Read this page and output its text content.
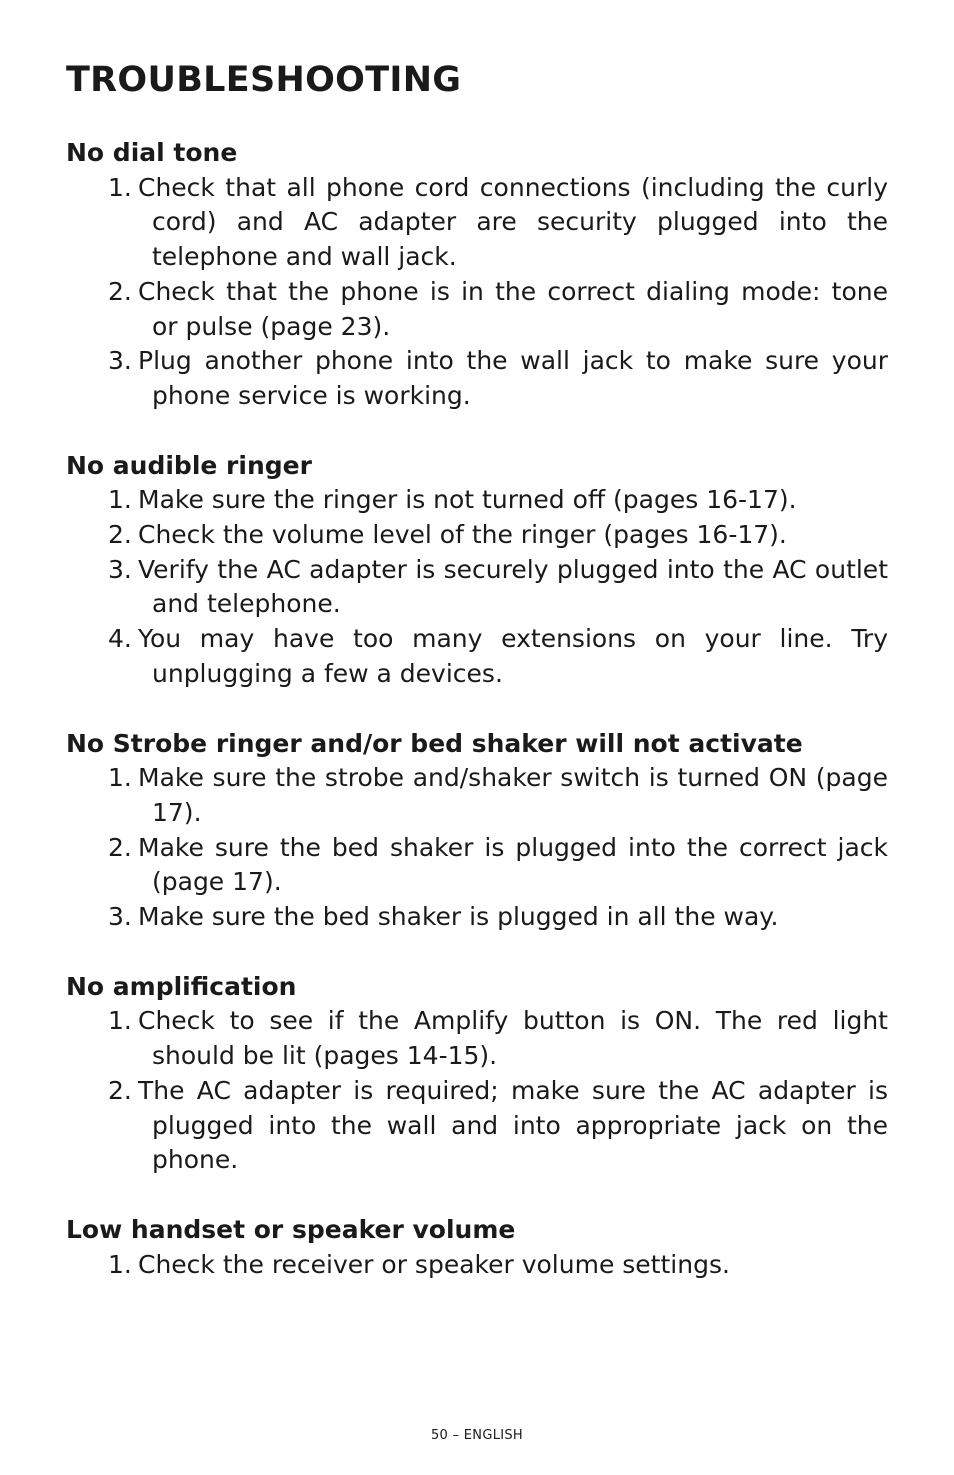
TROUBLESHOOTING
No dial tone
1. Check that all phone cord connections (including the curly cord) and AC adapter are security plugged into the telephone and wall jack.
2. Check that the phone is in the correct dialing mode: tone or pulse (page 23).
3. Plug another phone into the wall jack to make sure your phone service is working.
No audible ringer
1. Make sure the ringer is not turned off (pages 16-17).
2. Check the volume level of the ringer (pages 16-17).
3. Verify the AC adapter is securely plugged into the AC outlet and telephone.
4. You may have too many extensions on your line. Try unplugging a few a devices.
No Strobe ringer and/or bed shaker will not activate
1. Make sure the strobe and/shaker switch is turned ON (page 17).
2. Make sure the bed shaker is plugged into the correct jack (page 17).
3. Make sure the bed shaker is plugged in all the way.
No amplification
1. Check to see if the Amplify button is ON. The red light should be lit (pages 14-15).
2. The AC adapter is required; make sure the AC adapter is plugged into the wall and into appropriate jack on the phone.
Low handset or speaker volume
1. Check the receiver or speaker volume settings.
50 – ENGLISH
